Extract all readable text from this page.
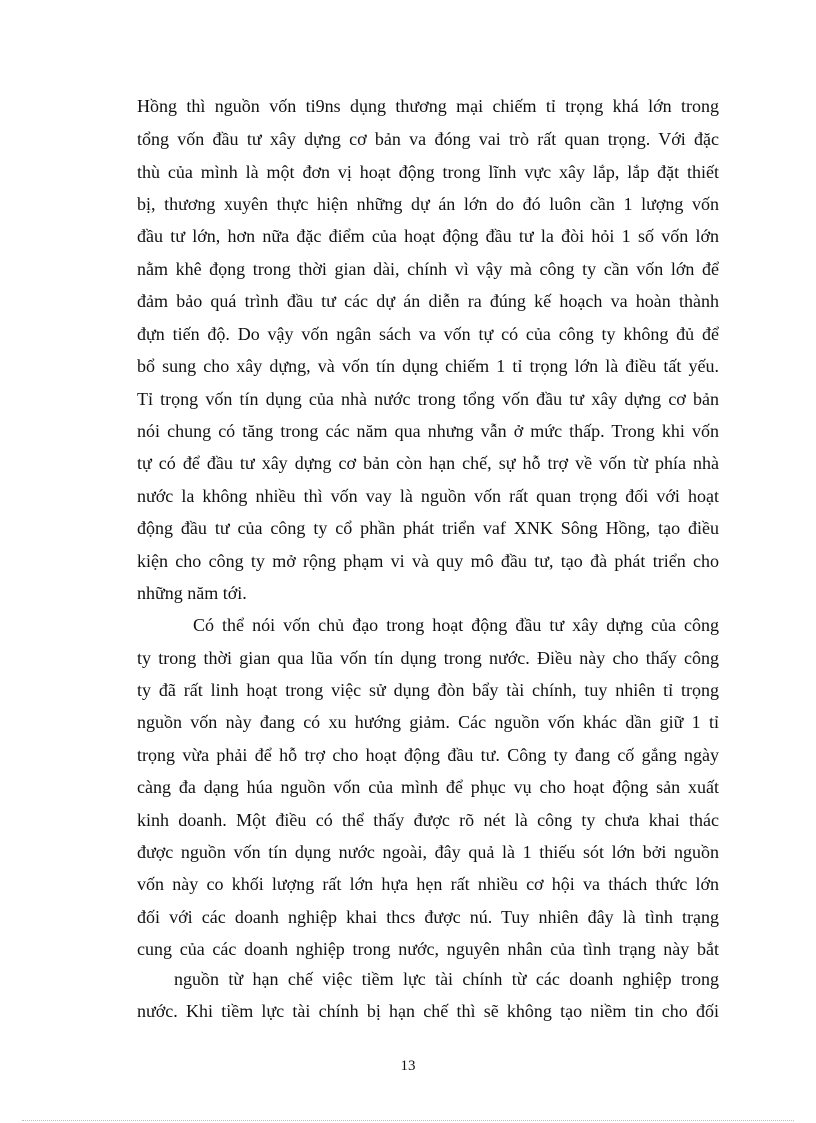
Hồng thì nguồn vốn ti9ns dụng thương mại chiếm tỉ trọng khá lớn trong
tổng vốn đầu tư xây dựng cơ bản va đóng vai trò rất quan trọng. Với đặc
thù của mình là một đơn vị hoạt động trong lĩnh vực xây lắp, lắp đặt thiết
bị, thương xuyên thực hiện những dự án lớn do đó luôn cần 1 lượng vốn
đầu tư lớn, hơn nữa đặc điểm của hoạt động đầu tư la đòi hỏi 1 số vốn lớn
nằm khê đọng trong thời gian dài, chính vì vậy mà công ty cần vốn lớn để
đảm bảo quá trình đầu tư các dự án diễn ra đúng kế hoạch va hoàn thành
đựn tiến độ. Do vậy vốn ngân sách va vốn tự có của công ty không đủ để
bổ sung cho xây dựng, và vốn tín dụng chiếm 1 tỉ trọng lớn là điều tất yếu.
Tỉ trọng vốn tín dụng của nhà nước trong tổng vốn đầu tư xây dựng cơ bản
nói chung có tăng trong các năm qua nhưng vẫn ở mức thấp. Trong khi vốn
tự có để đầu tư xây dựng cơ bản còn hạn chế, sự hỗ trợ về vốn từ phía nhà
nước la không nhiều thì vốn vay là nguồn vốn rất quan trọng đối với hoạt
động đầu tư của công ty cổ phần phát triển vaf XNK Sông Hồng, tạo điều
kiện cho công ty mở rộng phạm vi và quy mô đầu tư, tạo đà phát triển cho
những năm tới.
Có thể nói vốn chủ đạo trong hoạt động đầu tư xây dựng của công
ty trong thời gian qua lũa vốn tín dụng trong nước. Điều này cho thấy công
ty đã rất linh hoạt trong việc sử dụng đòn bẩy tài chính, tuy nhiên tỉ trọng
nguồn vốn này đang có xu hướng giảm. Các nguồn vốn khác dần giữ 1 tỉ
trọng vừa phải để hỗ trợ cho hoạt động đầu tư. Công ty đang cố gắng ngày
càng đa dạng húa nguồn vốn của mình để phục vụ cho hoạt động sản xuất
kinh doanh. Một điều có thể thấy được rõ nét là công ty chưa khai thác
được nguồn vốn tín dụng nước ngoài, đây quả là 1 thiếu sót lớn bởi nguồn
vốn này co khối lượng rất lớn hựa hẹn rất nhiều cơ hội va thách thức lớn
đối với các doanh nghiệp khai thcs được nú. Tuy nhiên đây là tình trạng
cung của các doanh nghiệp trong nước, nguyên nhân của tình trạng này bắt
nguồn từ hạn chế việc tiềm lực tài chính từ các doanh nghiệp trong
nước. Khi tiềm lực tài chính bị hạn chế thì sẽ không tạo niềm tin cho đối
13
